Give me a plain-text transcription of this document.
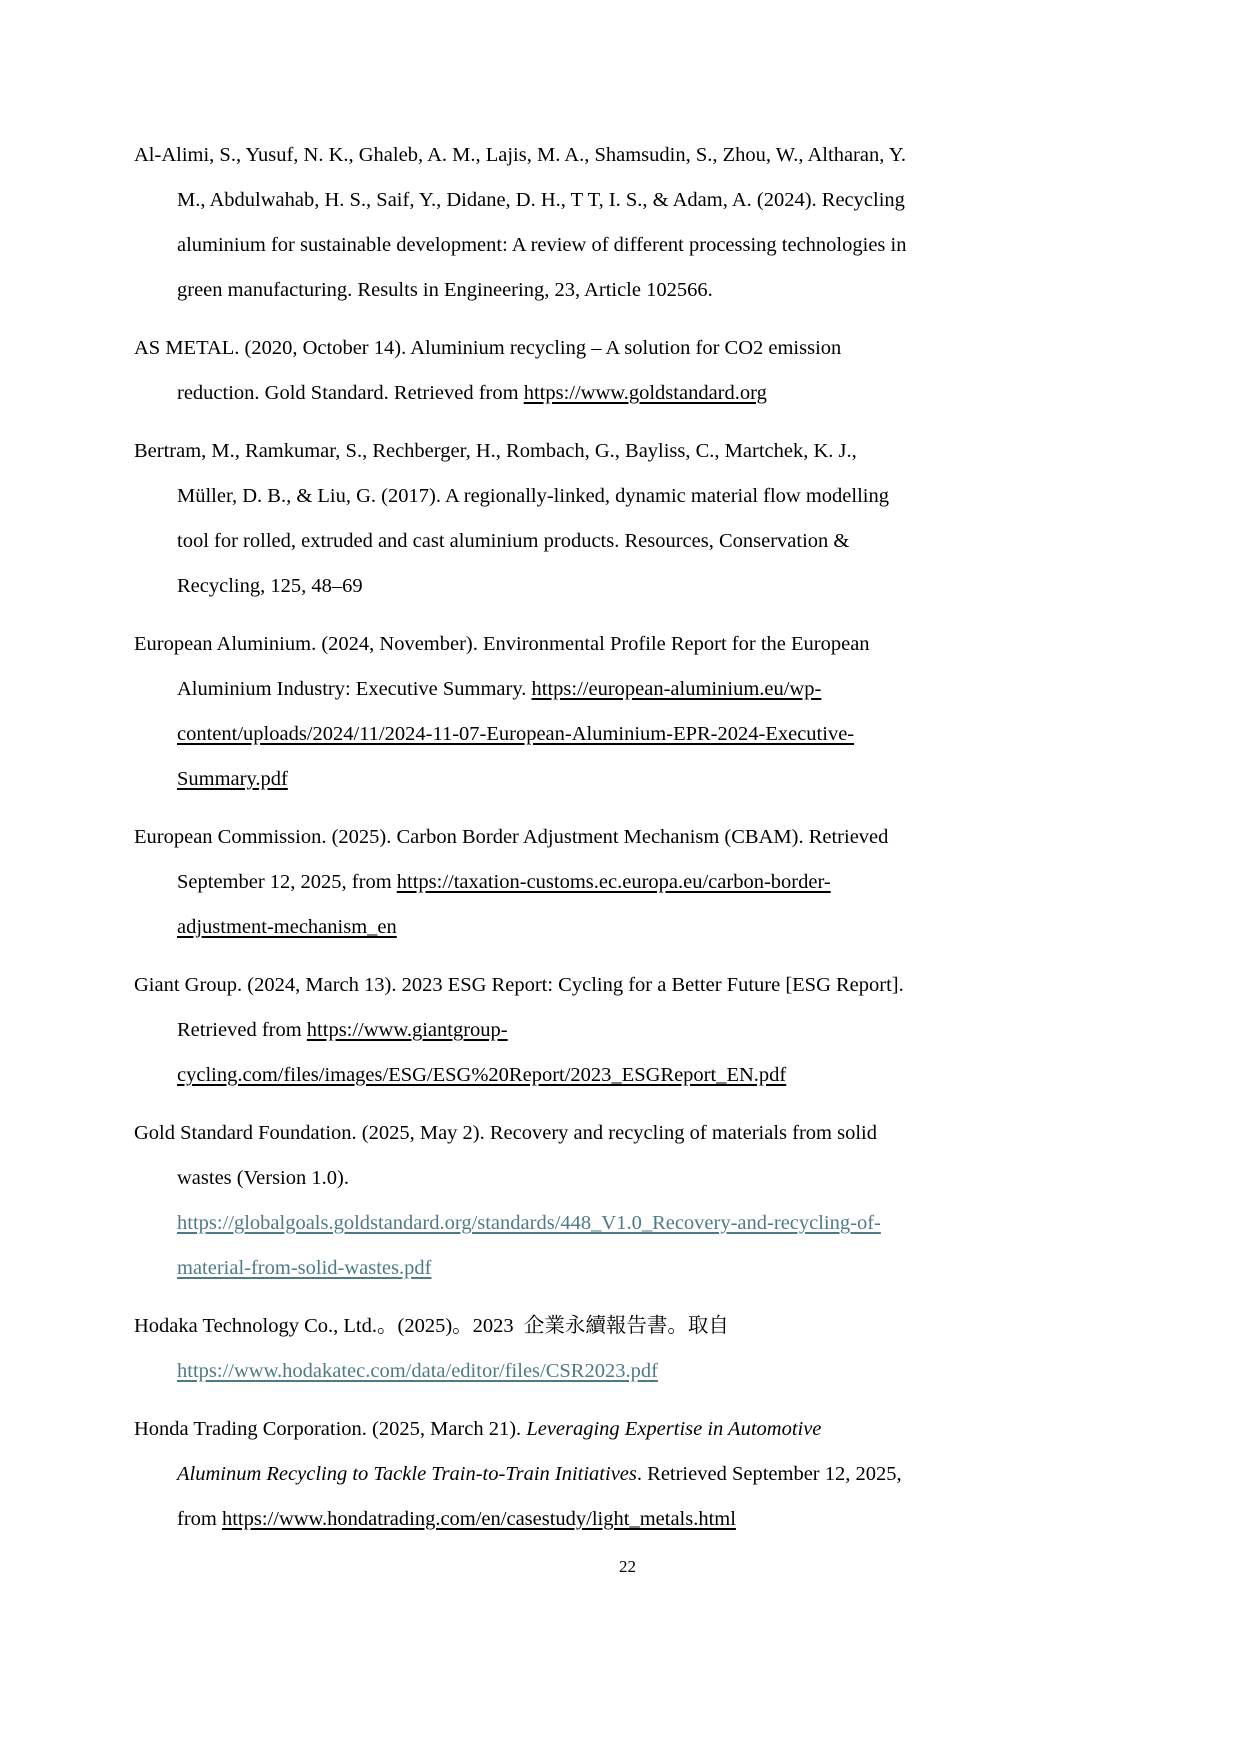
Al-Alimi, S., Yusuf, N. K., Ghaleb, A. M., Lajis, M. A., Shamsudin, S., Zhou, W., Altharan, Y.
M., Abdulwahab, H. S., Saif, Y., Didane, D. H., T T, I. S., & Adam, A. (2024). Recycling
aluminium for sustainable development: A review of different processing technologies in
green manufacturing. Results in Engineering, 23, Article 102566.
AS METAL. (2020, October 14). Aluminium recycling – A solution for CO2 emission
reduction. Gold Standard. Retrieved from https://www.goldstandard.org
Bertram, M., Ramkumar, S., Rechberger, H., Rombach, G., Bayliss, C., Martchek, K. J.,
Müller, D. B., & Liu, G. (2017). A regionally-linked, dynamic material flow modelling
tool for rolled, extruded and cast aluminium products. Resources, Conservation &
Recycling, 125, 48–69
European Aluminium. (2024, November). Environmental Profile Report for the European
Aluminium Industry: Executive Summary. https://european-aluminium.eu/wp-
content/uploads/2024/11/2024-11-07-European-Aluminium-EPR-2024-Executive-
Summary.pdf
European Commission. (2025). Carbon Border Adjustment Mechanism (CBAM). Retrieved
September 12, 2025, from https://taxation-customs.ec.europa.eu/carbon-border-
adjustment-mechanism_en
Giant Group. (2024, March 13). 2023 ESG Report: Cycling for a Better Future [ESG Report].
Retrieved from https://www.giantgroup-
cycling.com/files/images/ESG/ESG%20Report/2023_ESGReport_EN.pdf
Gold Standard Foundation. (2025, May 2). Recovery and recycling of materials from solid
wastes (Version 1.0).
https://globalgoals.goldstandard.org/standards/448_V1.0_Recovery-and-recycling-of-
material-from-solid-wastes.pdf
Hodaka Technology Co., Ltd.。(2025)。2023  企業永續報告書。取自
https://www.hodakatec.com/data/editor/files/CSR2023.pdf
Honda Trading Corporation. (2025, March 21). Leveraging Expertise in Automotive
Aluminum Recycling to Tackle Train-to-Train Initiatives. Retrieved September 12, 2025,
from https://www.hondatrading.com/en/casestudy/light_metals.html
22
